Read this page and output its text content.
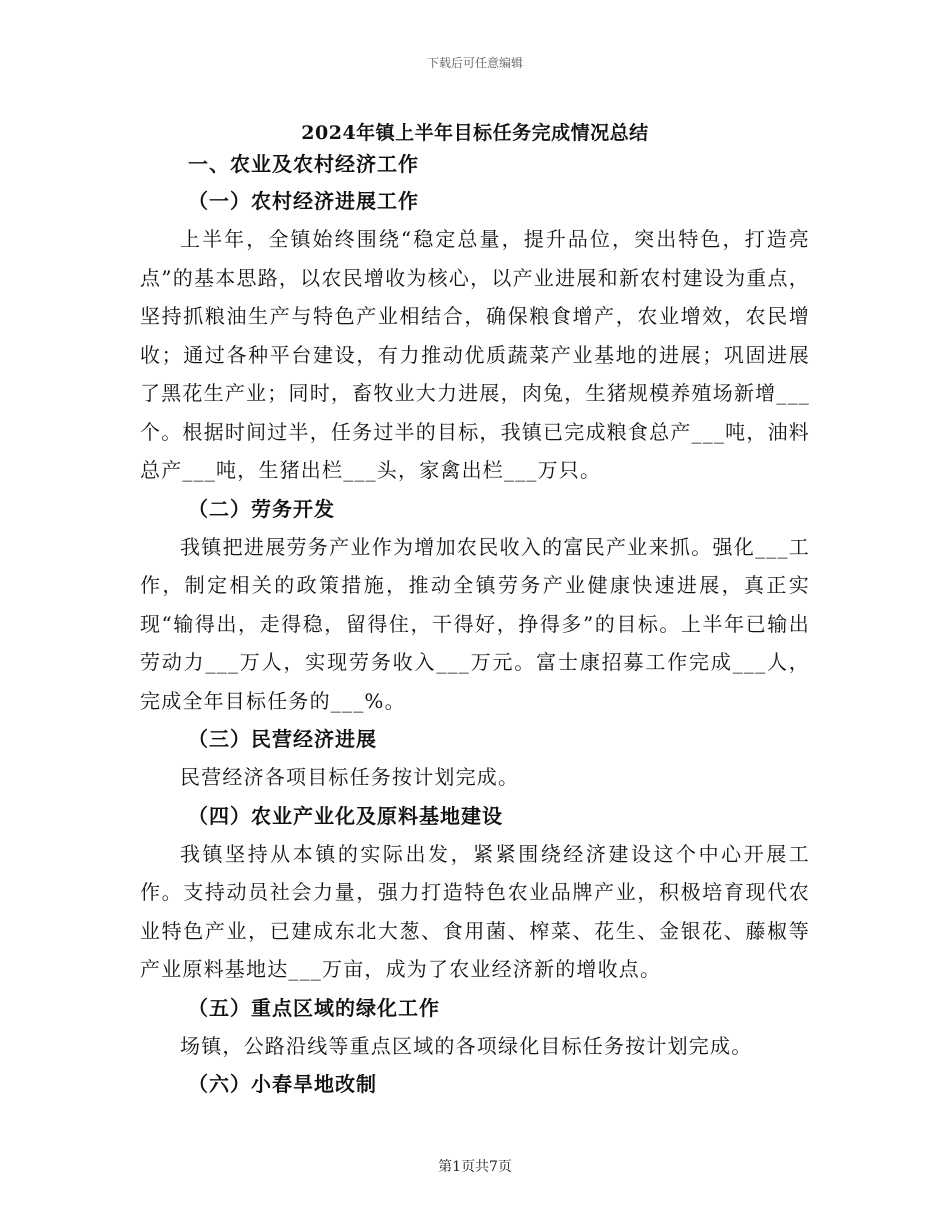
下载后可任意编辑
2024年镇上半年目标任务完成情况总结
一、农业及农村经济工作
（一）农村经济进展工作

上半年，全镇始终围绕“稳定总量，提升品位，突出特色，打造亮点”的基本思路，以农民增收为核心，以产业进展和新农村建设为重点，坚持抓粮油生产与特色产业相结合，确保粮食增产，农业增效，农民增收；通过各种平台建设，有力推动优质蔬菜产业基地的进展；巩固进展了黑花生产业；同时，畜牧业大力进展，肉兔，生猪规模养殖场新增___个。根据时间过半，任务过半的目标，我镇已完成粮食总产___吨，油料总产___吨，生猪出栏___头，家禽出栏___万只。

（二）劳务开发

我镇把进展劳务产业作为增加农民收入的富民产业来抓。强化___工作，制定相关的政策措施，推动全镇劳务产业健康快速进展，真正实现“输得出，走得稳，留得住，干得好，挣得多”的目标。上半年已输出劳动力___万人，实现劳务收入___万元。富士康招募工作完成___人，完成全年目标任务的___%。

（三）民营经济进展

民营经济各项目标任务按计划完成。

（四）农业产业化及原料基地建设

我镇坚持从本镇的实际出发，紧紧围绕经济建设这个中心开展工作。支持动员社会力量，强力打造特色农业品牌产业，积极培育现代农业特色产业，已建成东北大葱、食用菌、榨菜、花生、金银花、藤椒等产业原料基地达___万亩，成为了农业经济新的增收点。

（五）重点区域的绿化工作

场镇，公路沿线等重点区域的各项绿化目标任务按计划完成。

（六）小春旱地改制
第1页共7页
